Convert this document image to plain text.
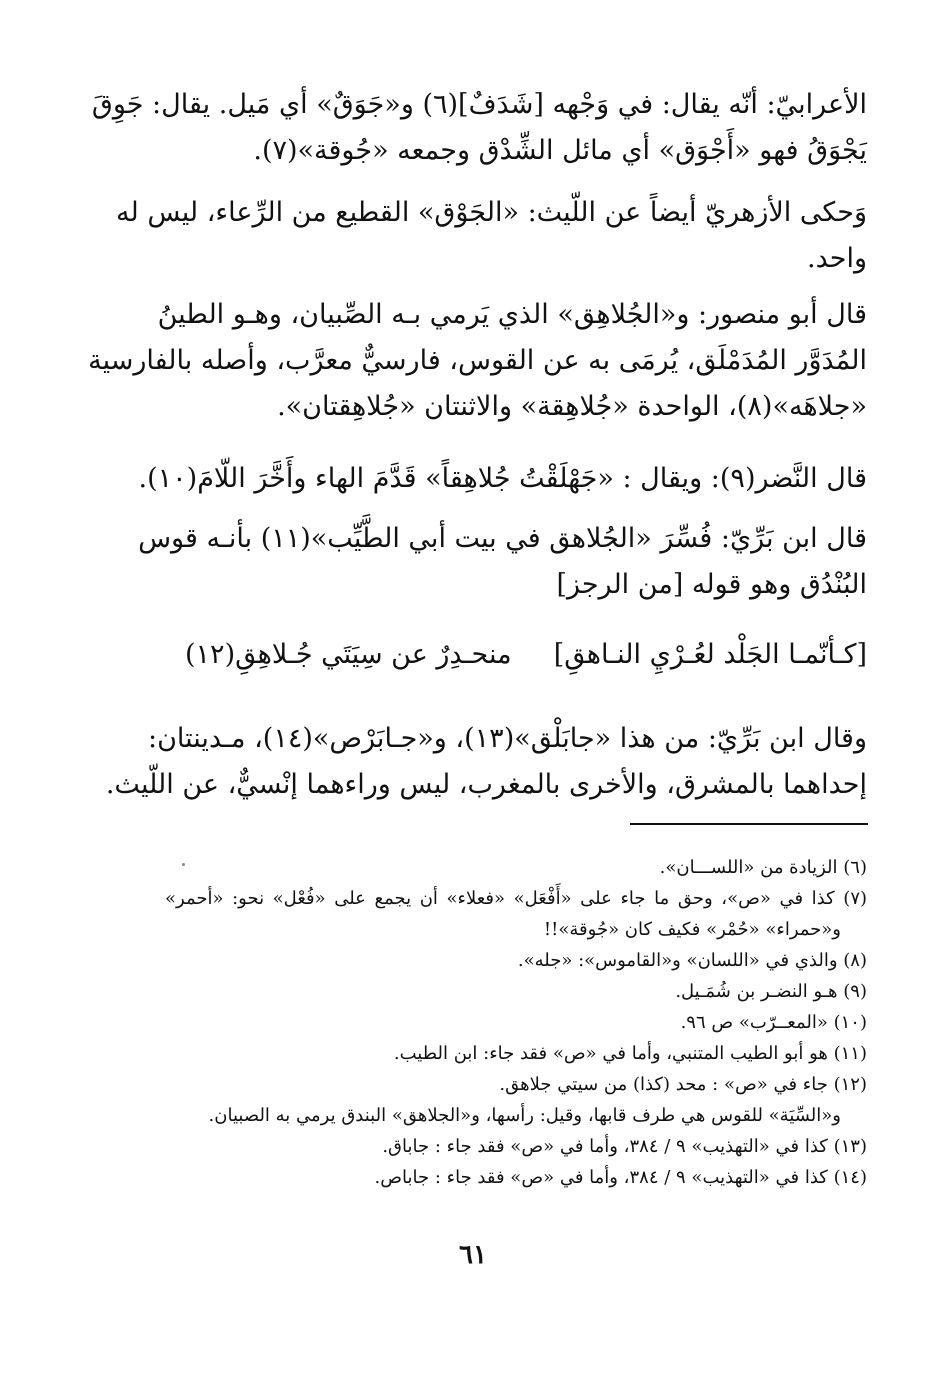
الأعرابيّ: أنّه يقال: في وَجْهه [شَدَفٌ](٦) و«جَوَقٌ» أي مَيل. يقال: جَوِقَ
يَجْوَقُ فهو «أَجْوَق» أي مائل الشِّدْق وجمعه «جُوقة»(٧).
وَحكى الأزهريّ أيضاً عن اللّيث: «الجَوْق» القطيع من الرِّعاء، ليس له
واحد.
قال أبو منصور: و«الجُلاهِق» الذي يَرمي بـه الصِّبيان، وهـو الطينُ
المُدَوَّر المُدَمْلَق، يُرمَى به عن القوس، فارسيٌّ معرَّب، وأصله بالفارسية
«جلاهَه»(٨)، الواحدة «جُلاهِقة» والاثنتان «جُلاهِقتان».
قال النَّضر(٩): ويقال : «جَهْلَقْتُ جُلاهِقاً» قَدَّمَ الهاء وأَخَّرَ اللّامَ(١٠).
قال ابن بَرِّيّ: فُسِّرَ «الجُلاهق في بيت أبي الطَّيِّب»(١١) بأنـه قوس
البُنْدُق وهو قوله [من الرجز]
[كـأنّمـا الجَلْد لعُـرْيِ النـاهقِ]
منحـدِرٌ عن سِيَتَي جُـلاهِقِ(١٢)
وقال ابن بَرِّيّ: من هذا «جابَلْق»(١٣)، و«جـابَرْص»(١٤)، مـدينتان:
إحداهما بالمشرق، والأخرى بالمغرب، ليس وراءهما إنْسيٌّ، عن اللّيث.
(٦) الزيادة من «اللســـان».
(٧) كذا في «ص»، وحق ما جاء على «أَفْعَل» «فعلاء» أن يجمع على «فُعْل» نحو: «أحمر»
و«حمراء» «حُمْر» فكيف كان «جُوقة»!!
(٨) والذي في «اللسان» و«القاموس»: «جله».
(٩) هـو النضـر بن شُمَـيل.
(١٠) «المعــرّب» ص ٩٦.
(١١) هو أبو الطيب المتنبي، وأما في «ص» فقد جاء: ابن الطيب.
(١٢) جاء في «ص» : محد (كذا) من سيتي جلاهق.
و«السِّيَة» للقوس هي طرف قابها، وقيل: رأسها، و«الجلاهق» البندق يرمي به الصبيان.
(١٣) كذا في «التهذيب» ٩ / ٣٨٤، وأما في «ص» فقد جاء : جاباق.
(١٤) كذا في «التهذيب» ٩ / ٣٨٤، وأما في «ص» فقد جاء : جاباص.
٦١
